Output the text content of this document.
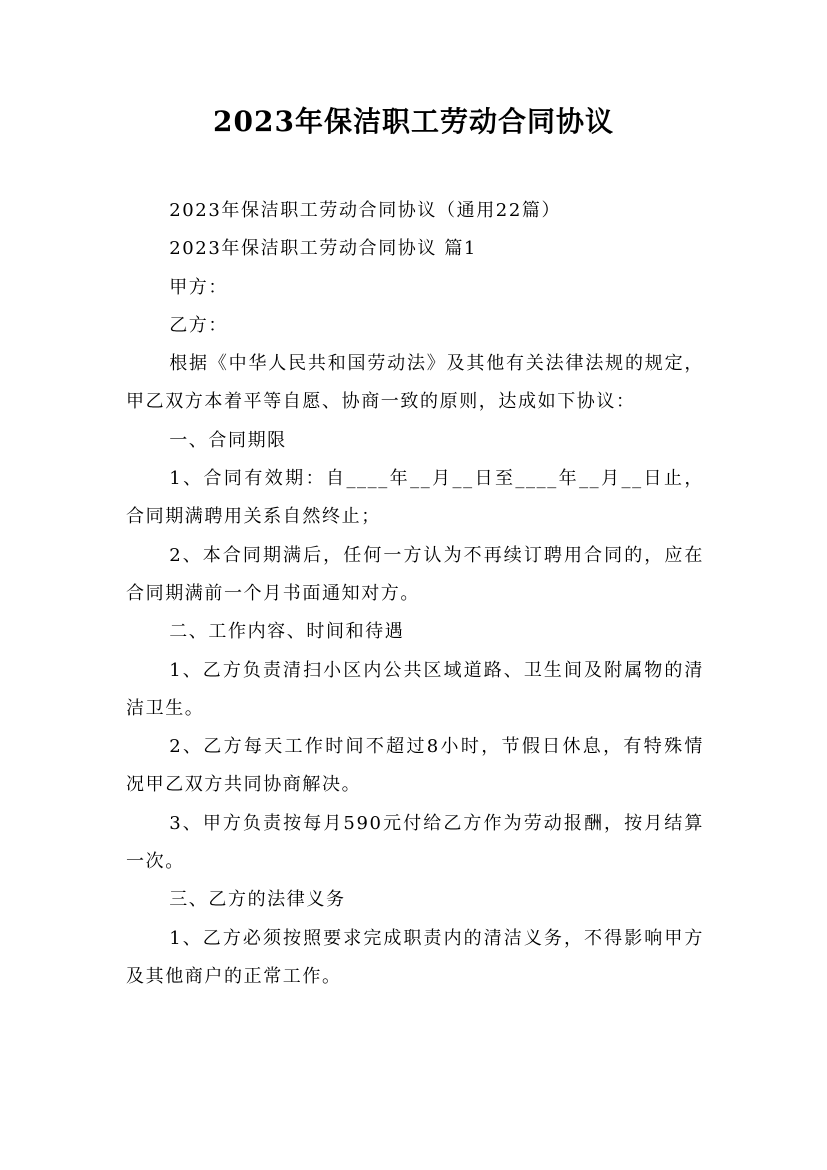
2023年保洁职工劳动合同协议

2023年保洁职工劳动合同协议（通用22篇）

2023年保洁职工劳动合同协议 篇1

甲方：

乙方：

根据《中华人民共和国劳动法》及其他有关法律法规的规定，甲乙双方本着平等自愿、协商一致的原则，达成如下协议：

一、合同期限

1、合同有效期：自____年__月__日至____年__月__日止，合同期满聘用关系自然终止；

2、本合同期满后，任何一方认为不再续订聘用合同的，应在合同期满前一个月书面通知对方。

二、工作内容、时间和待遇

1、乙方负责清扫小区内公共区域道路、卫生间及附属物的清洁卫生。

2、乙方每天工作时间不超过8小时，节假日休息，有特殊情况甲乙双方共同协商解决。

3、甲方负责按每月590元付给乙方作为劳动报酬，按月结算一次。

三、乙方的法律义务

1、乙方必须按照要求完成职责内的清洁义务，不得影响甲方及其他商户的正常工作。
